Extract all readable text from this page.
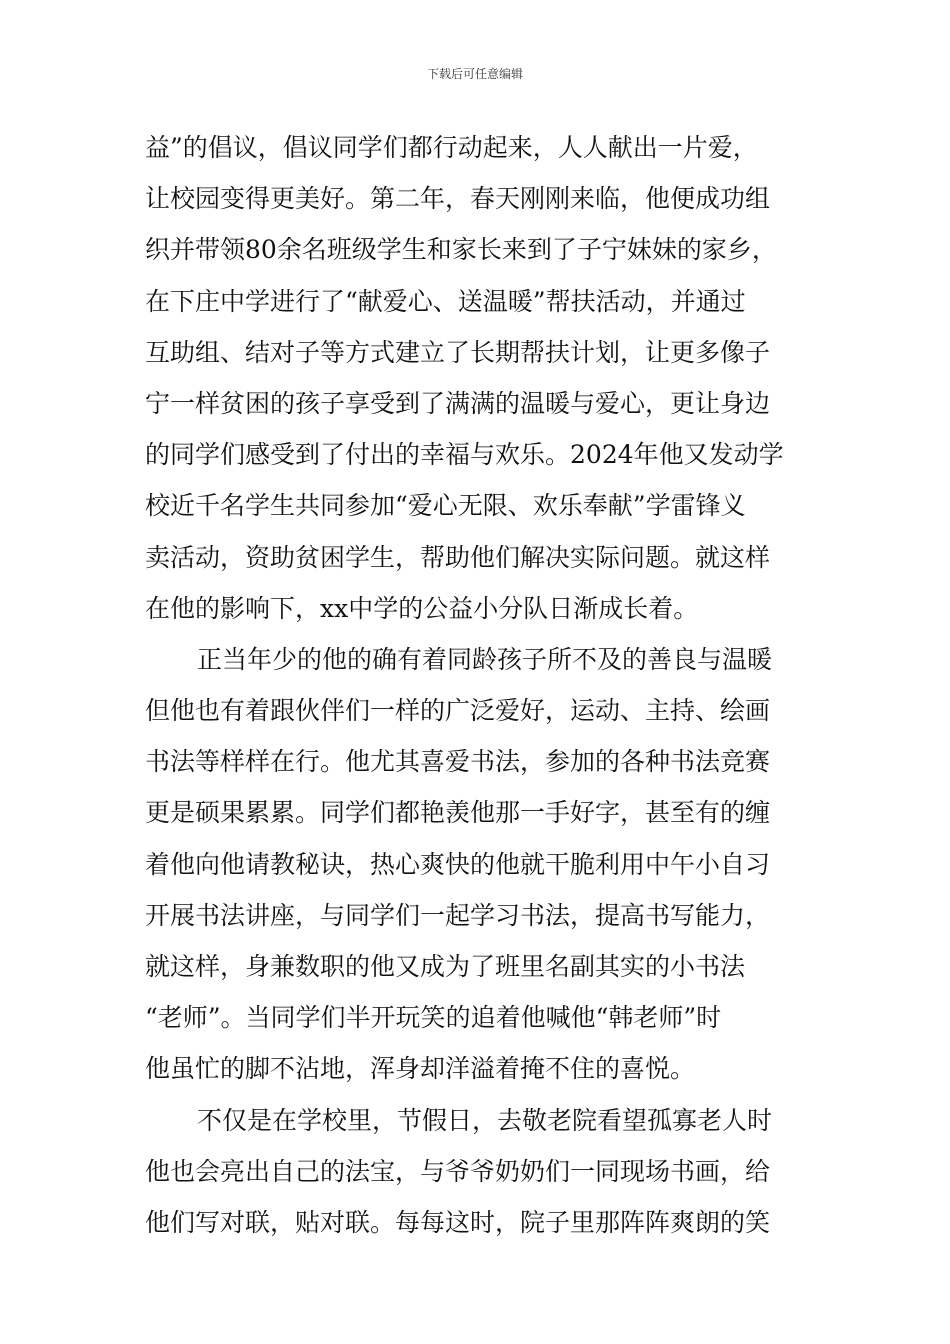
下载后可任意编辑
益”的倡议，倡议同学们都行动起来，人人献出一片爱，
让校园变得更美好。第二年，春天刚刚来临，他便成功组
织并带领80余名班级学生和家长来到了子宁妹妹的家乡，
在下庄中学进行了“献爱心、送温暖”帮扶活动，并通过
互助组、结对子等方式建立了长期帮扶计划，让更多像子
宁一样贫困的孩子享受到了满满的温暖与爱心，更让身边
的同学们感受到了付出的幸福与欢乐。2024年他又发动学
校近千名学生共同参加“爱心无限、欢乐奉献”学雷锋义
卖活动，资助贫困学生，帮助他们解决实际问题。就这样
在他的影响下，xx中学的公益小分队日渐成长着。
正当年少的他的确有着同龄孩子所不及的善良与温暖
但他也有着跟伙伴们一样的广泛爱好，运动、主持、绘画
书法等样样在行。他尤其喜爱书法，参加的各种书法竞赛
更是硕果累累。同学们都艳羡他那一手好字，甚至有的缠
着他向他请教秘诀，热心爽快的他就干脆利用中午小自习
开展书法讲座，与同学们一起学习书法，提高书写能力，
就这样，身兼数职的他又成为了班里名副其实的小书法
“老师”。当同学们半开玩笑的追着他喊他“韩老师”时
他虽忙的脚不沾地，浑身却洋溢着掩不住的喜悦。
不仅是在学校里，节假日，去敬老院看望孤寡老人时
他也会亮出自己的法宝，与爷爷奶奶们一同现场书画，给
他们写对联，贴对联。每每这时，院子里那阵阵爽朗的笑
